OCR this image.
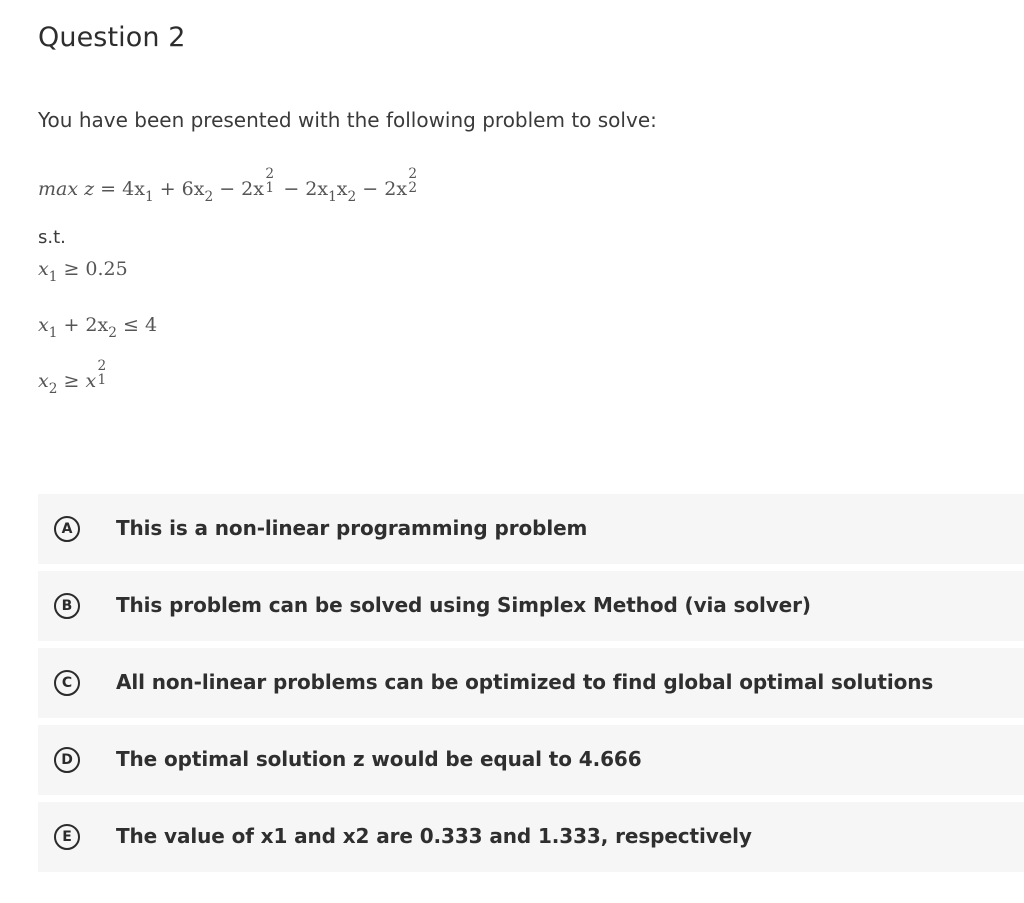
Question 2

You have been presented with the following problem to solve:

$\max z = 4x_1 + 6x_2 - 2x$
2
$1 - 2x_1x_2 - 2x$
2
2

s.t.

$x_1 \ge 0.25$
$x_1 + 2x_2 \le 4$
$x_2 \ge x$
2
1
A	This is a non-linear programming problem
B	This problem can be solved using Simplex Method (via solver)
C	All non-linear problems can be optimized to find global optimal solutions
D	The optimal solution z would be equal to 4.666
E	The value of x1 and x2 are 0.333 and 1.333, respectively
